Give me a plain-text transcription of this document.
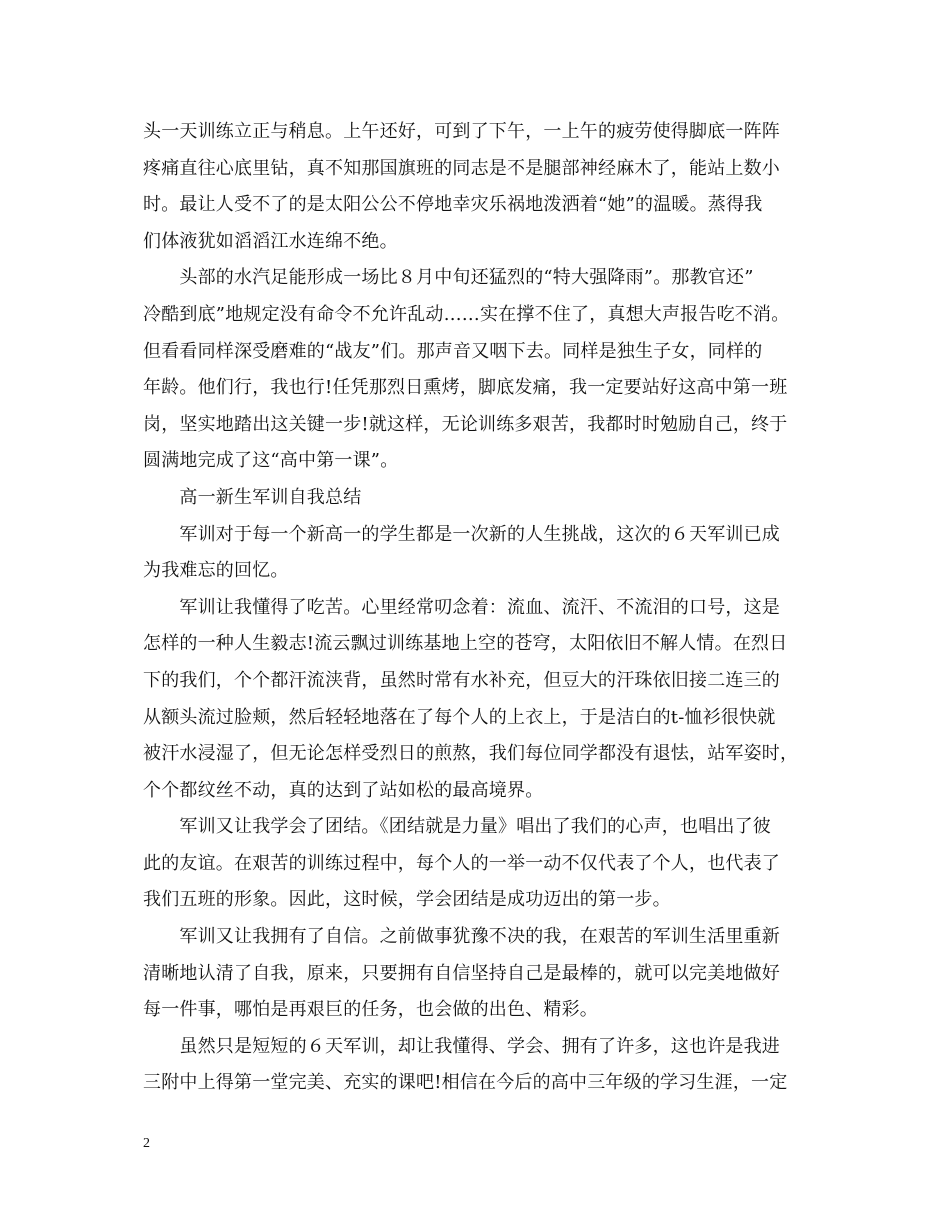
头一天训练立正与稍息。上午还好，可到了下午，一上午的疲劳使得脚底一阵阵
疼痛直往心底里钻，真不知那国旗班的同志是不是腿部神经麻木了，能站上数小
时。最让人受不了的是太阳公公不停地幸灾乐祸地泼洒着“她”的温暖。蒸得我
们体液犹如滔滔江水连绵不绝。
　　头部的水汽足能形成一场比８月中旬还猛烈的“特大强降雨”。那教官还”
冷酷到底”地规定没有命令不允许乱动……实在撑不住了，真想大声报告吃不消。
但看看同样深受磨难的“战友”们。那声音又咽下去。同样是独生子女，同样的
年龄。他们行，我也行!任凭那烈日熏烤，脚底发痛，我一定要站好这高中第一班
岗，坚实地踏出这关键一步!就这样，无论训练多艰苦，我都时时勉励自己，终于
圆满地完成了这“高中第一课”。
　　高一新生军训自我总结
　　军训对于每一个新高一的学生都是一次新的人生挑战，这次的６天军训已成
为我难忘的回忆。
　　军训让我懂得了吃苦。心里经常叨念着：流血、流汗、不流泪的口号，这是
怎样的一种人生毅志!流云飘过训练基地上空的苍穹，太阳依旧不解人情。在烈日
下的我们，个个都汗流浃背，虽然时常有水补充，但豆大的汗珠依旧接二连三的
从额头流过脸颊，然后轻轻地落在了每个人的上衣上，于是洁白的t-恤衫很快就
被汗水浸湿了，但无论怎样受烈日的煎熬，我们每位同学都没有退怯，站军姿时，
个个都纹丝不动，真的达到了站如松的最高境界。
　　军训又让我学会了团结。《团结就是力量》唱出了我们的心声，也唱出了彼
此的友谊。在艰苦的训练过程中，每个人的一举一动不仅代表了个人，也代表了
我们五班的形象。因此，这时候，学会团结是成功迈出的第一步。
　　军训又让我拥有了自信。之前做事犹豫不决的我，在艰苦的军训生活里重新
清晰地认清了自我，原来，只要拥有自信坚持自己是最棒的，就可以完美地做好
每一件事，哪怕是再艰巨的任务，也会做的出色、精彩。
　　虽然只是短短的６天军训，却让我懂得、学会、拥有了许多，这也许是我进
三附中上得第一堂完美、充实的课吧!相信在今后的高中三年级的学习生涯，一定
2
